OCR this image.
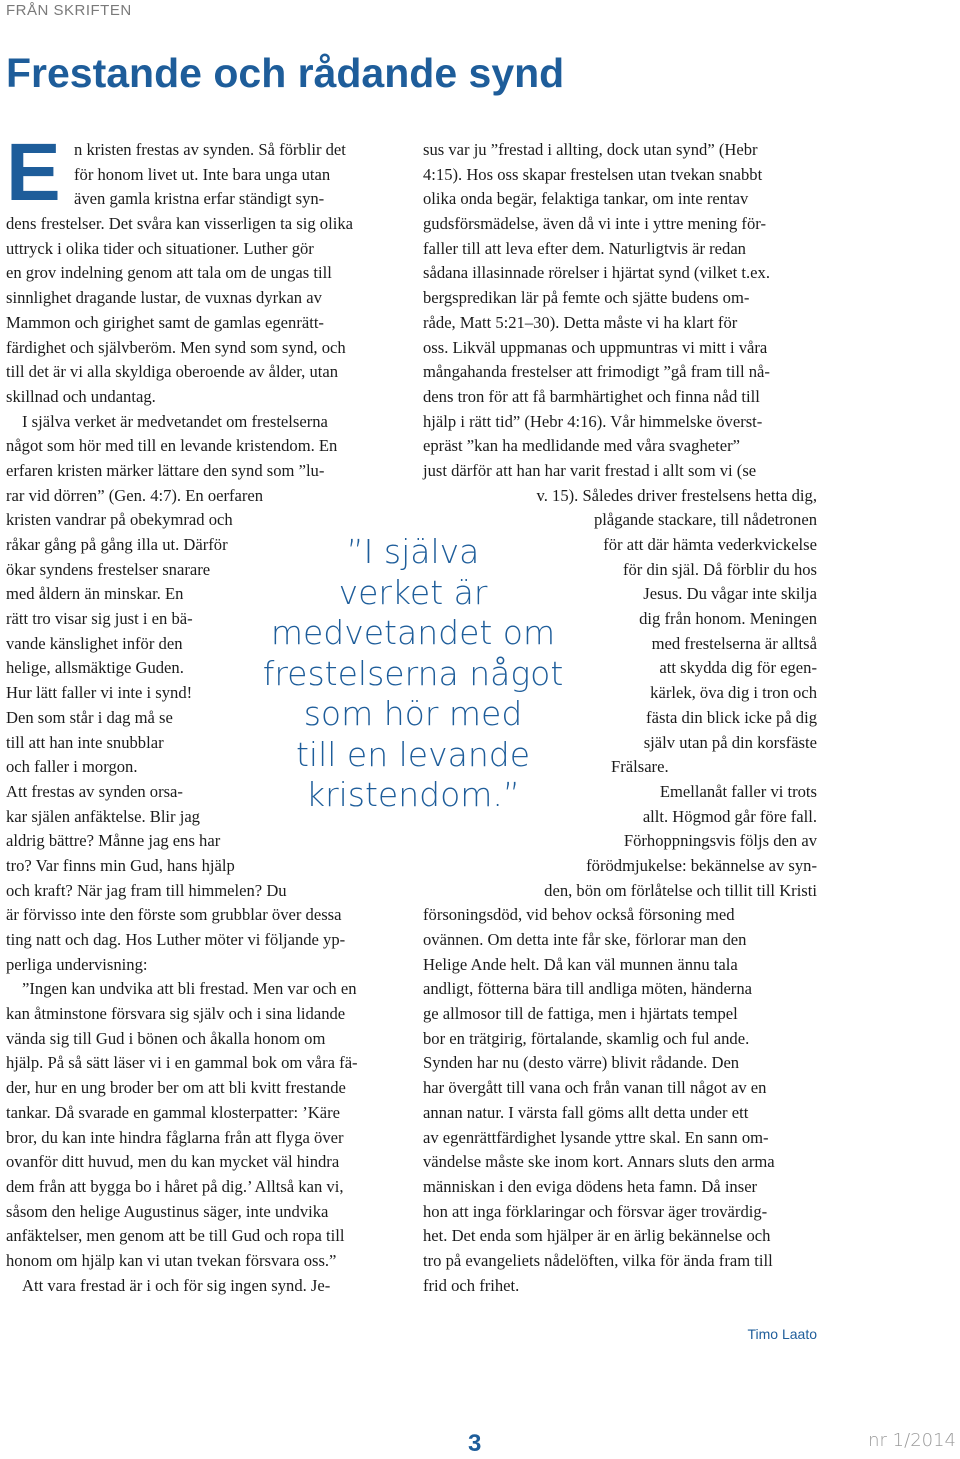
FRÅN SKRIFTEN
Frestande och rådande synd
E n kristen frestas av synden. Så förblir det
för honom livet ut. Inte bara unga utan
även gamla kristna erfar ständigt syn-
dens frestelser. Det svåra kan visserligen ta sig olika
uttryck i olika tider och situationer. Luther gör
en grov indelning genom att tala om de ungas till
sinnlighet dragande lustar, de vuxnas dyrkan av
Mammon och girighet samt de gamlas egenrätt-
färdighet och självberöm. Men synd som synd, och
till det är vi alla skyldiga oberoende av ålder, utan
skillnad och undantag.
I själva verket är medvetandet om frestelserna
något som hör med till en levande kristendom. En
erfaren kristen märker lättare den synd som ”lu-
rar vid dörren” (Gen. 4:7). En oerfaren
kristen vandrar på obekymrad och
råkar gång på gång illa ut. Därför
ökar syndens frestelser snarare
med åldern än minskar. En
rätt tro visar sig just i en bä-
vande känslighet inför den
helige, allsmäktige Guden.
Hur lätt faller vi inte i synd!
Den som står i dag må se
till att han inte snubblar
och faller i morgon.
Att frestas av synden orsa-
kar själen anfäktelse. Blir jag
aldrig bättre? Månne jag ens har
tro? Var finns min Gud, hans hjälp
och kraft? När jag fram till himmelen? Du
är förvisso inte den förste som grubblar över dessa
ting natt och dag. Hos Luther möter vi följande yp-
perliga undervisning:
”Ingen kan undvika att bli frestad. Men var och en
kan åtminstone försvara sig själv och i sina lidande
vända sig till Gud i bönen och åkalla honom om
hjälp. På så sätt läser vi i en gammal bok om våra fä-
der, hur en ung broder ber om att bli kvitt frestande
tankar. Då svarade en gammal klosterpatter: ’Käre
bror, du kan inte hindra fåglarna från att flyga över
ovanför ditt huvud, men du kan mycket väl hindra
dem från att bygga bo i håret på dig.’ Alltså kan vi,
såsom den helige Augustinus säger, inte undvika
anfäktelser, men genom att be till Gud och ropa till
honom om hjälp kan vi utan tvekan försvara oss.”
Att vara frestad är i och för sig ingen synd. Je-
sus var ju ”frestad i allting, dock utan synd” (Hebr
4:15). Hos oss skapar frestelsen utan tvekan snabbt
olika onda begär, felaktiga tankar, om inte rentav
gudsförsmädelse, även då vi inte i yttre mening för-
faller till att leva efter dem. Naturligtvis är redan
sådana illasinnade rörelser i hjärtat synd (vilket t.ex.
bergspredikan lär på femte och sjätte budens om-
råde, Matt 5:21–30). Detta måste vi ha klart för
oss. Likväl uppmanas och uppmuntras vi mitt i våra
mångahanda frestelser att frimodigt ”gå fram till nå-
dens tron för att få barmhärtighet och finna nåd till
hjälp i rätt tid” (Hebr 4:16). Vår himmelske överst-
epräst ”kan ha medlidande med våra svagheter”
just därför att han har varit frestad i allt som vi (se
v. 15). Således driver frestelsens hetta dig,
plågande stackare, till nådetronen
för att där hämta vederkvickelse
för din själ. Då förblir du hos
Jesus. Du vågar inte skilja
dig från honom. Meningen
med frestelserna är alltså
att skydda dig för egen-
kärlek, öva dig i tron och
fästa din blick icke på dig
själv utan på din korsfäste
Frälsare.
Emellanåt faller vi trots
allt. Högmod går före fall.
Förhoppningsvis följs den av
förödmjukelse: bekännelse av syn-
den, bön om förlåtelse och tillit till Kristi
försoningsdöd, vid behov också försoning med
ovännen. Om detta inte får ske, förlorar man den
Helige Ande helt. Då kan väl munnen ännu tala
andligt, fötterna bära till andliga möten, händerna
ge allmosor till de fattiga, men i hjärtats tempel
bor en trätgirig, förtalande, skamlig och ful ande.
Synden har nu (desto värre) blivit rådande. Den
har övergått till vana och från vanan till något av en
annan natur. I värsta fall göms allt detta under ett
av egenrättfärdighet lysande yttre skal. En sann om-
vändelse måste ske inom kort. Annars sluts den arma
människan i den eviga dödens heta famn. Då inser
hon att inga förklaringar och försvar äger trovärdig-
het. Det enda som hjälper är en ärlig bekännelse och
tro på evangeliets nådelöften, vilka för ända fram till
frid och frihet.
”I själva
verket är
medvetandet om
frestelserna något
som hör med
till en levande
kristendom.”
Timo Laato
3	nr 1/2014
